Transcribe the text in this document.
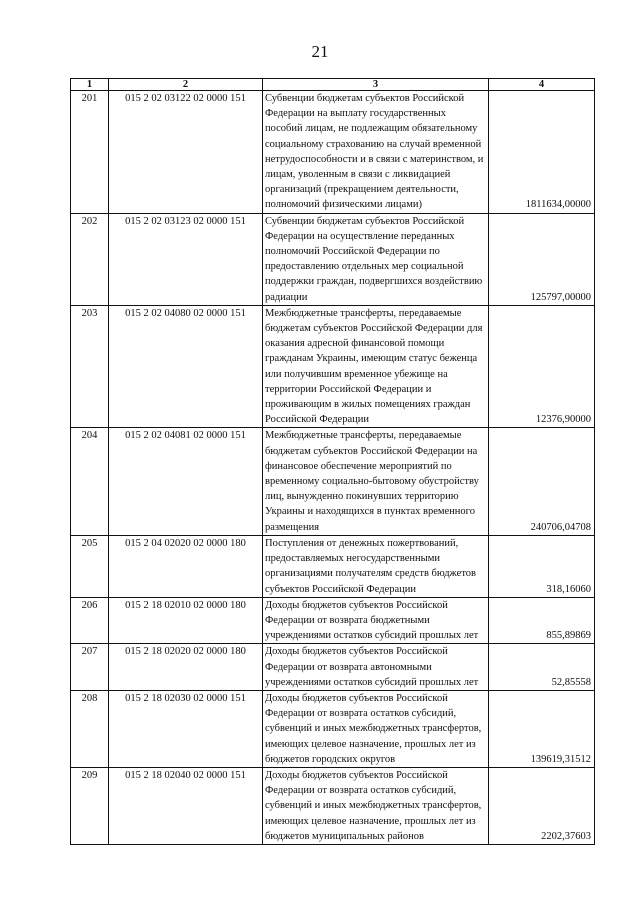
21
1	2	3	4
201	015 2 02 03122 02 0000 151	Субвенции бюджетам субъектов Российской Федерации на выплату государственных пособий лицам, не подлежащим обязательному социальному страхованию на случай временной нетрудоспособности и в связи с материнством, и лицам, уволенным в связи с ликвидацией организаций (прекращением деятельности, полномочий физическими лицами)	1811634,00000
202	015 2 02 03123 02 0000 151	Субвенции бюджетам субъектов Российской Федерации на осуществление переданных полномочий Российской Федерации по предоставлению отдельных мер социальной поддержки граждан, подвергшихся воздействию радиации	125797,00000
203	015 2 02 04080 02 0000 151	Межбюджетные трансферты, передаваемые бюджетам субъектов Российской Федерации для оказания адресной финансовой помощи гражданам Украины, имеющим статус беженца или получившим временное убежище на территории Российской Федерации и проживающим в жилых помещениях граждан Российской Федерации	12376,90000
204	015 2 02 04081 02 0000 151	Межбюджетные трансферты, передаваемые бюджетам субъектов Российской Федерации на финансовое обеспечение мероприятий по временному социально-бытовому обустройству лиц, вынужденно покинувших территорию Украины и находящихся в пунктах временного размещения	240706,04708
205	015 2 04 02020 02 0000 180	Поступления от денежных пожертвований, предоставляемых негосударственными организациями получателям средств бюджетов субъектов Российской Федерации	318,16060
206	015 2 18 02010 02 0000 180	Доходы бюджетов субъектов Российской Федерации от возврата бюджетными учреждениями остатков субсидий прошлых лет	855,89869
207	015 2 18 02020 02 0000 180	Доходы бюджетов субъектов Российской Федерации от возврата автономными учреждениями остатков субсидий прошлых лет	52,85558
208	015 2 18 02030 02 0000 151	Доходы бюджетов субъектов Российской Федерации от возврата остатков субсидий, субвенций и иных межбюджетных трансфертов, имеющих целевое назначение, прошлых лет из бюджетов городских округов	139619,31512
209	015 2 18 02040 02 0000 151	Доходы бюджетов субъектов Российской Федерации от возврата остатков субсидий, субвенций и иных межбюджетных трансфертов, имеющих целевое назначение, прошлых лет из бюджетов муниципальных районов	2202,37603
